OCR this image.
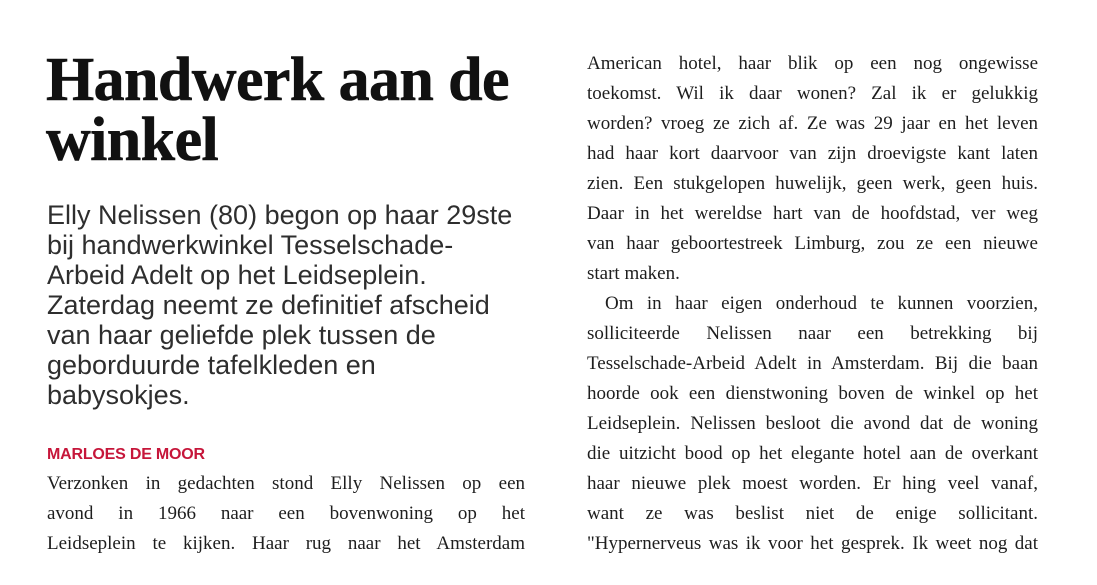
Handwerk aan de
winkel
Elly Nelissen (80) begon op haar 29ste
bij handwerkwinkel Tesselschade-
Arbeid Adelt op het Leidseplein.
Zaterdag neemt ze definitief afscheid
van haar geliefde plek tussen de
geborduurde tafelkleden en
babysokjes.
MARLOES DE MOOR
Verzonken in gedachten stond Elly Nelissen op een
avond in 1966 naar een bovenwoning op het
Leidseplein te kijken. Haar rug naar het Amsterdam
American hotel, haar blik op een nog ongewisse
toekomst. Wil ik daar wonen? Zal ik er gelukkig
worden? vroeg ze zich af. Ze was 29 jaar en het leven
had haar kort daarvoor van zijn droevigste kant laten
zien. Een stukgelopen huwelijk, geen werk, geen huis.
Daar in het wereldse hart van de hoofdstad, ver weg
van haar geboortestreek Limburg, zou ze een nieuwe
start maken.
Om in haar eigen onderhoud te kunnen voorzien,
solliciteerde Nelissen naar een betrekking bij
Tesselschade-Arbeid Adelt in Amsterdam. Bij die baan
hoorde ook een dienstwoning boven de winkel op het
Leidseplein. Nelissen besloot die avond dat de woning
die uitzicht bood op het elegante hotel aan de overkant
haar nieuwe plek moest worden. Er hing veel vanaf,
want ze was beslist niet de enige sollicitant.
"Hypernerveus was ik voor het gesprek. Ik weet nog dat
